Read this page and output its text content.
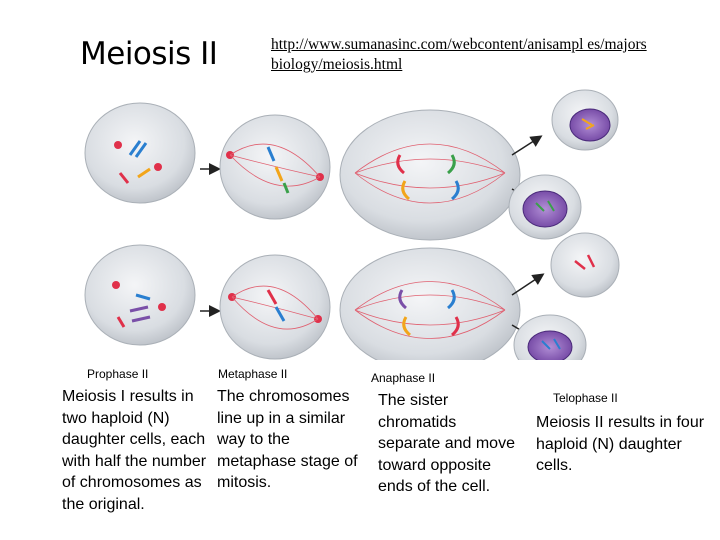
Meiosis II	http://www.sumanasinc.com/webcontent/anisampl es/majorsbiology/meiosis.html
Prophase II	Metaphase II	Anaphase II
Telophase II
Meiosis I results in two haploid (N) daughter cells, each with half the number of chromosomes as the original.
The chromosomes line up in a similar way to the metaphase stage of mitosis.
The sister chromatids separate and move toward opposite ends of the cell.
Meiosis II results in four haploid (N) daughter cells.
